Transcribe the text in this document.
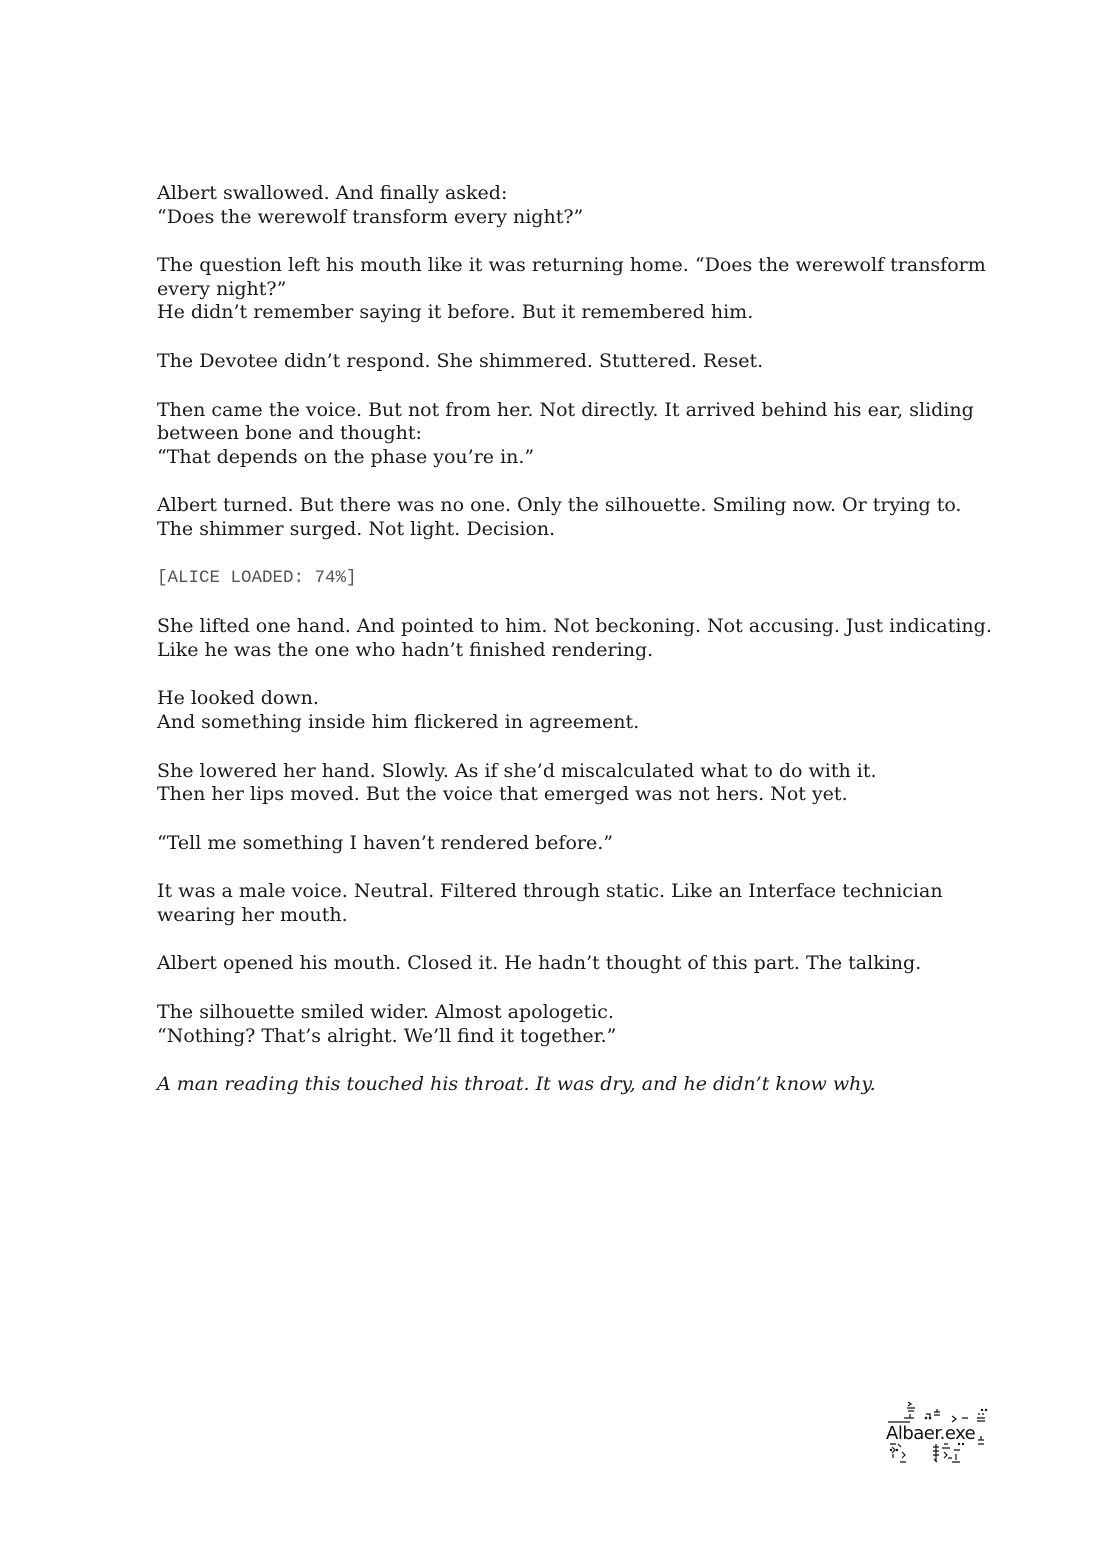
Albert swallowed. And finally asked:
“Does the werewolf transform every night?”
The question left his mouth like it was returning home. “Does the werewolf transform
every night?”
He didn’t remember saying it before. But it remembered him.
The Devotee didn’t respond. She shimmered. Stuttered. Reset.
Then came the voice. But not from her. Not directly. It arrived behind his ear, sliding
between bone and thought:
“That depends on the phase you’re in.”
Albert turned. But there was no one. Only the silhouette. Smiling now. Or trying to.
The shimmer surged. Not light. Decision.
[ALICE LOADED: 74%]
She lifted one hand. And pointed to him. Not beckoning. Not accusing. Just indicating.
Like he was the one who hadn’t finished rendering.
He looked down.
And something inside him flickered in agreement.
She lowered her hand. Slowly. As if she’d miscalculated what to do with it.
Then her lips moved. But the voice that emerged was not hers. Not yet.
“Tell me something I haven’t rendered before.”
It was a male voice. Neutral. Filtered through static. Like an Interface technician
wearing her mouth.
Albert opened his mouth. Closed it. He hadn’t thought of this part. The talking.
The silhouette smiled wider. Almost apologetic.
“Nothing? That’s alright. We’ll find it together.”
A man reading this touched his throat. It was dry, and he didn’t know why.
Albaer.exe
